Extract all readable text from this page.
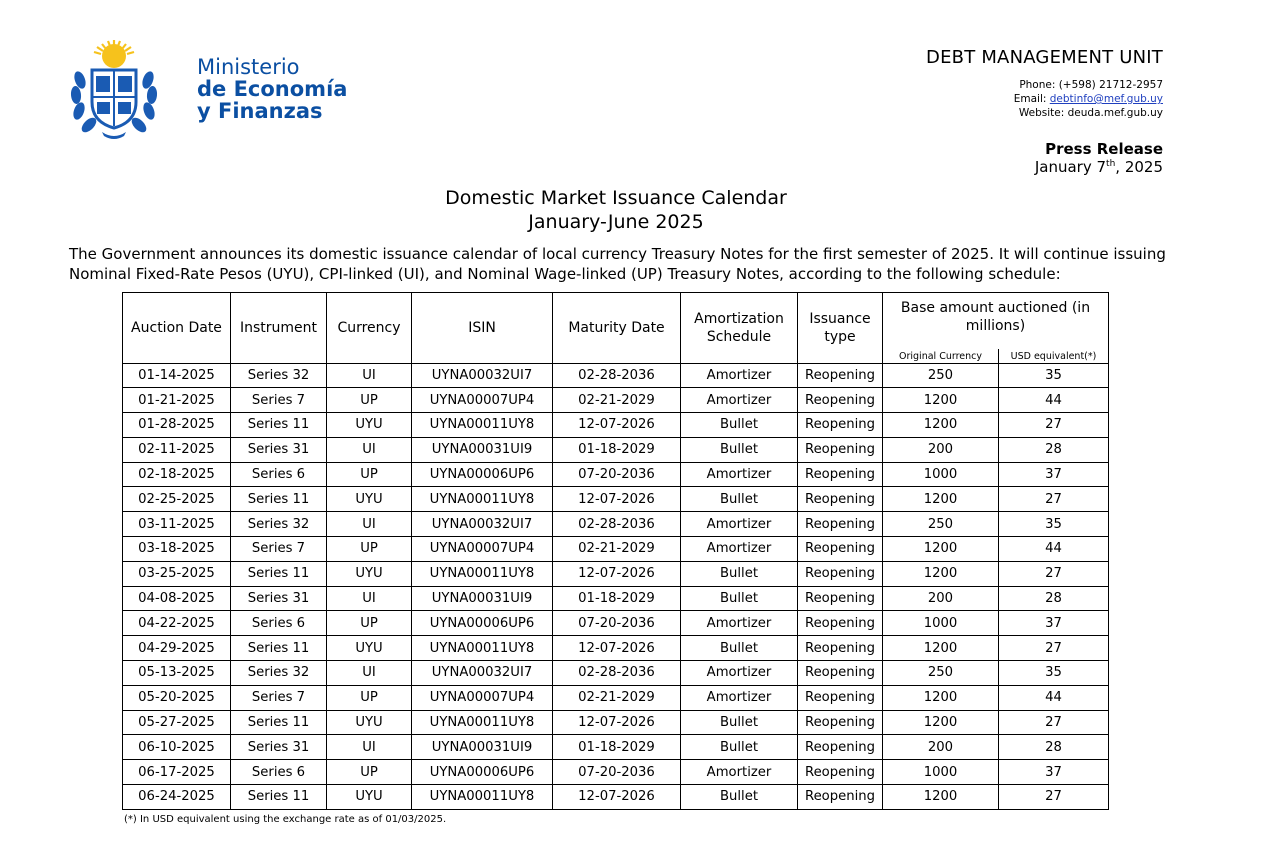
Ministerio
de Economía
y Finanzas
DEBT MANAGEMENT UNIT
Phone: (+598) 21712-2957
Email: debtinfo@mef.gub.uy
Website: deuda.mef.gub.uy
Press Release
January 7th, 2025
Domestic Market Issuance Calendar
January-June 2025
The Government announces its domestic issuance calendar of local currency Treasury Notes for the first semester of 2025. It will continue issuing Nominal Fixed-Rate Pesos (UYU), CPI-linked (UI), and Nominal Wage-linked (UP) Treasury Notes, according to the following schedule:
Auction Date	Instrument	Currency	ISIN	Maturity Date	Amortization Schedule	Issuance type	Base amount auctioned (in millions)	
							Original Currency	USD equivalent(*)
01-14-2025	Series 32	UI	UYNA00032UI7	02-28-2036	Amortizer	Reopening	250	35
01-21-2025	Series 7	UP	UYNA00007UP4	02-21-2029	Amortizer	Reopening	1200	44
01-28-2025	Series 11	UYU	UYNA00011UY8	12-07-2026	Bullet	Reopening	1200	27
02-11-2025	Series 31	UI	UYNA00031UI9	01-18-2029	Bullet	Reopening	200	28
02-18-2025	Series 6	UP	UYNA00006UP6	07-20-2036	Amortizer	Reopening	1000	37
02-25-2025	Series 11	UYU	UYNA00011UY8	12-07-2026	Bullet	Reopening	1200	27
03-11-2025	Series 32	UI	UYNA00032UI7	02-28-2036	Amortizer	Reopening	250	35
03-18-2025	Series 7	UP	UYNA00007UP4	02-21-2029	Amortizer	Reopening	1200	44
03-25-2025	Series 11	UYU	UYNA00011UY8	12-07-2026	Bullet	Reopening	1200	27
04-08-2025	Series 31	UI	UYNA00031UI9	01-18-2029	Bullet	Reopening	200	28
04-22-2025	Series 6	UP	UYNA00006UP6	07-20-2036	Amortizer	Reopening	1000	37
04-29-2025	Series 11	UYU	UYNA00011UY8	12-07-2026	Bullet	Reopening	1200	27
05-13-2025	Series 32	UI	UYNA00032UI7	02-28-2036	Amortizer	Reopening	250	35
05-20-2025	Series 7	UP	UYNA00007UP4	02-21-2029	Amortizer	Reopening	1200	44
05-27-2025	Series 11	UYU	UYNA00011UY8	12-07-2026	Bullet	Reopening	1200	27
06-10-2025	Series 31	UI	UYNA00031UI9	01-18-2029	Bullet	Reopening	200	28
06-17-2025	Series 6	UP	UYNA00006UP6	07-20-2036	Amortizer	Reopening	1000	37
06-24-2025	Series 11	UYU	UYNA00011UY8	12-07-2026	Bullet	Reopening	1200	27
(*) In USD equivalent using the exchange rate as of 01/03/2025.
